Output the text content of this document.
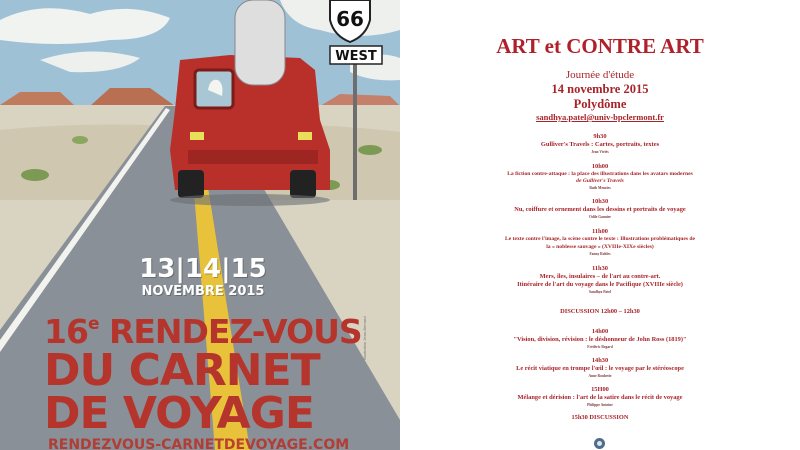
66
WEST
13|14|15
NOVEMBRE 2015
16e RENDEZ-VOUS
DU CARNET
DE VOYAGE
RENDEZVOUS-CARNETDEVOYAGE.COM
Illustration Jean-Bernard
ART et CONTRE ART
Journée d'étude
14 novembre 2015
Polydôme
sandhya.patel@univ-bpclermont.fr
9h30
Gulliver's Travels : Cartes, portraits, textes
Jean Viviès
10h00
La fiction contre-attaque : la place des illustrations dans les avatars modernes
de Gulliver's Travels
Ruth Menzies
10h30
Nu, coiffure et ornement dans les dessins et portraits de voyage
Odile Gannier
11h00
Le texte contre l'image, la scène contre le texte : Illustrations problématiques de
la « noblesse sauvage » (XVIIIe-XIXe siècles)
Fanny Robles
11h30
Mers, îles, insulaires – de l'art au contre-art.
Itinéraire de l'art du voyage dans le Pacifique (XVIIIe siècle)
Sandhya Patel
DISCUSSION 12h00 – 12h30
14h00
"Vision, division, révision : le déshonneur de John Ross (1819)"
Frédéric Regard
14h30
Le récit viatique en trompe l'œil : le voyage par le stéréoscope
Anne Rouhette
15H00
Mélange et dérision : l'art de la satire dans le récit de voyage
Philippe Antoine
15h30 DISCUSSION
